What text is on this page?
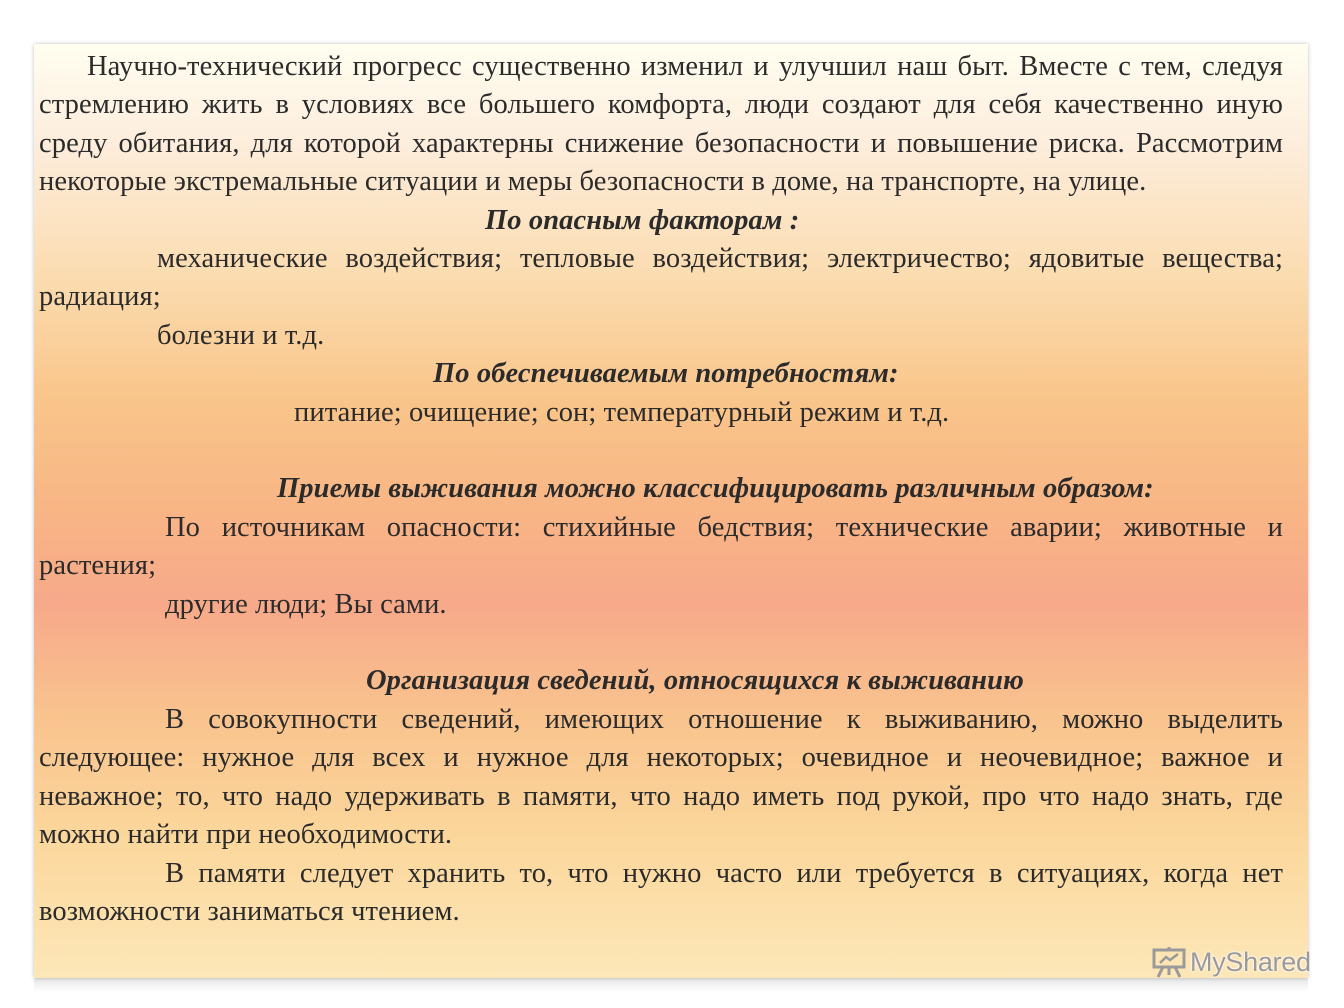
Научно-технический прогресс существенно изменил и улучшил наш быт. Вместе с тем, следуя стремлению жить в условиях все большего комфорта, люди создают для себя качественно иную среду обитания, для которой характерны снижение безопасности и повышение риска. Рассмотрим некоторые экстремальные ситуации и меры безопасности в доме, на транспорте, на улице.

По опасным факторам :

механические воздействия; тепловые воздействия; электричество; ядовитые вещества; радиация;

болезни и т.д.

По обеспечиваемым потребностям:

питание; очищение; сон; температурный режим и т.д.

Приемы выживания можно классифицировать различным образом:

По источникам опасности: стихийные бедствия; технические аварии; животные и растения;

другие люди; Вы сами.

Организация сведений, относящихся к выживанию

В совокупности сведений, имеющих отношение к выживанию, можно выделить следующее: нужное для всех и нужное для некоторых; очевидное и неочевидное; важное и неважное; то, что надо удерживать в памяти, что надо иметь под рукой, про что надо знать, где можно найти при необходимости.

В памяти следует хранить то, что нужно часто или требуется в ситуациях, когда нет возможности заниматься чтением.

MyShared
